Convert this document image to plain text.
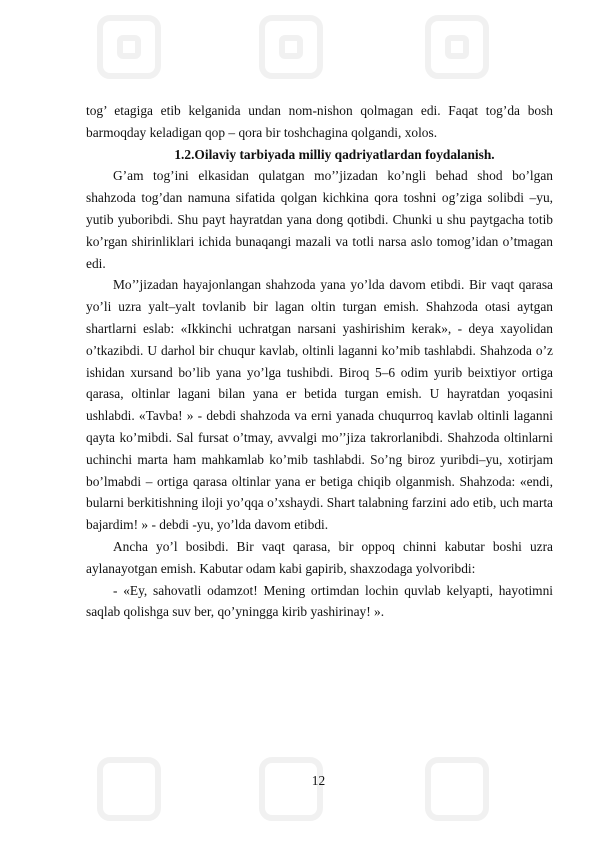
tog’ etagiga etib kelganida undan nom-nishon qolmagan edi. Faqat tog’da bosh barmoqday keladigan qop – qora bir toshchagina qolgandi, xolos.

1.2.Oilaviy tarbiyada milliy qadriyatlardan foydalanish.

G’am tog’ini elkasidan qulatgan mo’’jizadan ko’ngli behad shod bo’lgan shahzoda tog’dan namuna sifatida qolgan kichkina qora toshni og’ziga solibdi –yu, yutib yuboribdi. Shu payt hayratdan yana dong qotibdi. Chunki u shu paytgacha totib ko’rgan shirinliklari ichida bunaqangi mazali va totli narsa aslo tomog’idan o’tmagan edi.

Mo’’jizadan hayajonlangan shahzoda yana yo’lda davom etibdi. Bir vaqt qarasa yo’li uzra yalt–yalt tovlanib bir lagan oltin turgan emish. Shahzoda otasi aytgan shartlarni eslab: «Ikkinchi uchratgan narsani yashirishim kerak», - deya xayolidan o’tkazibdi. U darhol bir chuqur kavlab, oltinli laganni ko’mib tashlabdi. Shahzoda o’z ishidan xursand bo’lib yana yo’lga tushibdi. Biroq 5–6 odim yurib beixtiyor ortiga qarasa, oltinlar lagani bilan yana er betida turgan emish. U hayratdan yoqasini ushlabdi. «Tavba! » - debdi shahzoda va erni yanada chuqurroq kavlab oltinli laganni qayta ko’mibdi. Sal fursat o’tmay, avvalgi mo’’jiza takrorlanibdi. Shahzoda oltinlarni uchinchi marta ham mahkamlab ko’mib tashlabdi. So’ng biroz yuribdi–yu, xotirjam bo’lmabdi – ortiga qarasa oltinlar yana er betiga chiqib olganmish. Shahzoda: «endi, bularni berkitishning iloji yo’qqa o’xshaydi. Shart talabning farzini ado etib, uch marta bajardim! » - debdi -yu, yo’lda davom etibdi.

Ancha yo’l bosibdi. Bir vaqt qarasa, bir oppoq chinni kabutar boshi uzra aylanayotgan emish. Kabutar odam kabi gapirib, shaxzodaga yolvoribdi:

- «Ey, sahovatli odamzot! Mening ortimdan lochin quvlab kelyapti, hayotimni saqlab qolishga suv ber, qo’yningga kirib yashirinay! ».

12
